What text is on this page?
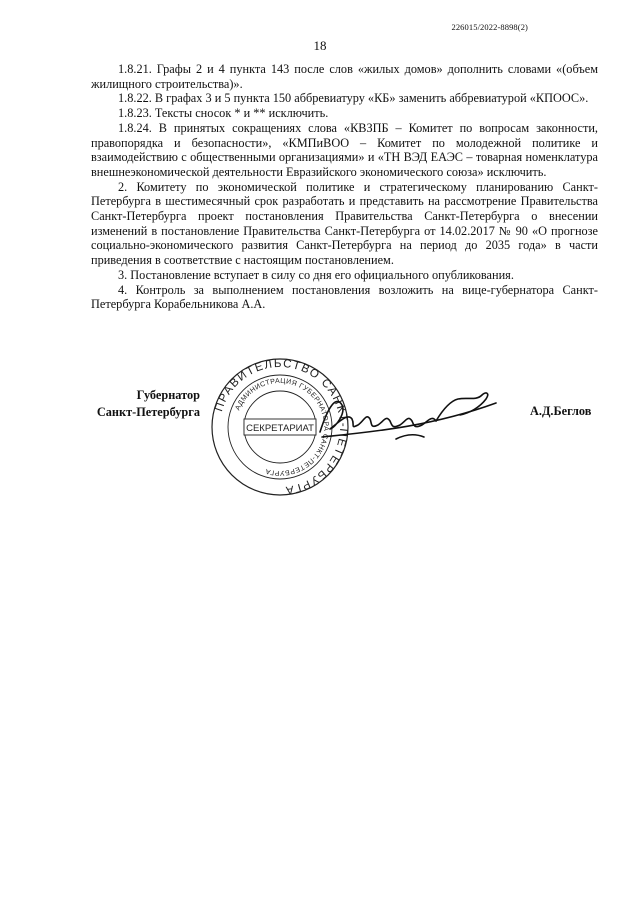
226015/2022-8898(2)
18

1.8.21. Графы 2 и 4 пункта 143 после слов «жилых домов» дополнить словами «(объем жилищного строительства)».

1.8.22. В графах 3 и 5 пункта 150 аббревиатуру «КБ» заменить аббревиатурой «КПООС».

1.8.23. Тексты сносок * и ** исключить.

1.8.24. В принятых сокращениях слова «КВЗПБ – Комитет по вопросам законности, правопорядка и безопасности», «КМПиВОО – Комитет по молодежной политике и взаимодействию с общественными организациями» и «ТН ВЭД ЕАЭС – товарная номенклатура внешнеэкономической деятельности Евразийского экономического союза» исключить.

2. Комитету по экономической политике и стратегическому планированию Санкт-Петербурга в шестимесячный срок разработать и представить на рассмотрение Правительства Санкт-Петербурга проект постановления Правительства Санкт-Петербурга о внесении изменений в постановление Правительства Санкт-Петербурга от 14.02.2017 № 90 «О прогнозе социально-экономического развития Санкт-Петербурга на период до 2035 года» в части приведения в соответствие с настоящим постановлением.

3. Постановление вступает в силу со дня его официального опубликования.

4. Контроль за выполнением постановления возложить на вице-губернатора Санкт-Петербурга Корабельникова А.А.

Губернатор
Санкт-Петербурга ПРАВИТЕЛЬСТВО САНКТ-ПЕТЕРБУРГА
АДМИНИСТРАЦИЯ ГУБЕРНАТОРА САНКТ-ПЕТЕРБУРГА
СЕКРЕТАРИАТ
А.Д.Беглов
